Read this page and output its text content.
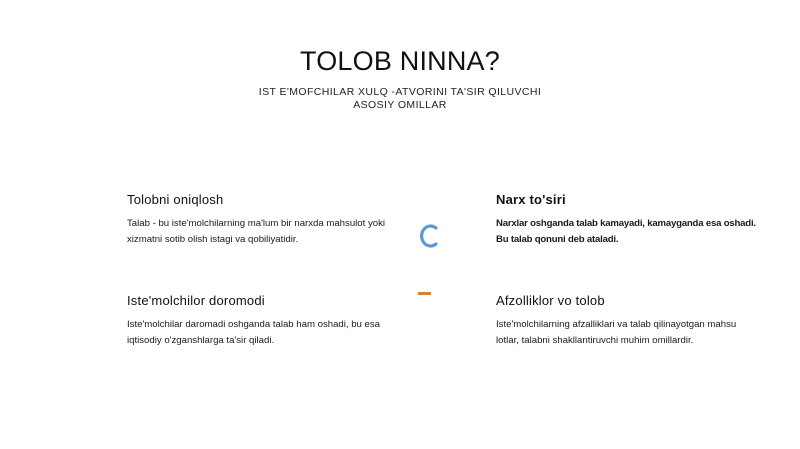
TOLOB NINNA?
IST E'MOFCHILAR XULQ -ATVORINI TA'SIR QILUVCHI ASOSIY OMILLAR
Tolobni oniqlosh

Talab - bu iste'molchilarning ma'lum bir narxda mahsulot yoki xizmatni sotib olish istagi va qobiliyatidir.

Narx to'siri

Narxlar oshganda talab kamayadi, kamayganda esa oshadi. Bu talab qonuni deb ataladi.

Iste'molchilor doromodi

Iste'molchilar daromadi oshganda talab ham oshadi, bu esa iqtisodiy o'zganshlarga ta'sir qiladi.

Afzolliklor vo tolob

Iste'molchilarning afzalliklari va talab qilinayotgan mahsu lotlar, talabni shakllantiruvchi muhim omillardir.
